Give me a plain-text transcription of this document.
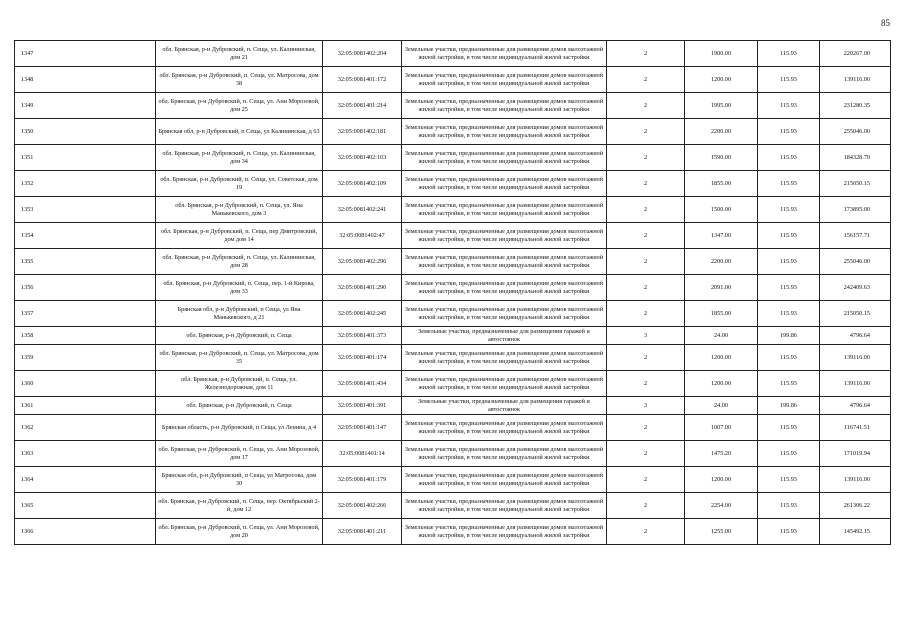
85
1347	обл. Брянская, р-н Дубровский, п. Сеща, ул. Калининская, дом 21	32:05:0081402:204	Земельные участки, предназначенные для размещения домов малоэтажной жилой застройки, в том числе индивидуальной жилой застройки	2	1900.00	115.93	220267.00
1348	обл. Брянская, р-н Дубровский, п. Сеща, ул. Матросова, дом 38	32:05:0081401:172	Земельные участки, предназначенные для размещения домов малоэтажной жилой застройки, в том числе индивидуальной жилой застройки	2	1200.00	115.93	139116.00
1349	обл. Брянская, р-н Дубровский, п. Сеща, ул. Ани Морозовой, дом 25	32:05:0081401:214	Земельные участки, предназначенные для размещения домов малоэтажной жилой застройки, в том числе индивидуальной жилой застройки	2	1995.00	115.93	231280.35
1350	Брянская обл, р-н Дубровский, п Сеща, ул Калининская, д 63	32:05:0081402:181	Земельные участки, предназначенные для размещения домов малоэтажной жилой застройки, в том числе индивидуальной жилой застройки	2	2200.00	115.93	255046.00
1351	обл. Брянская, р-н Дубровский, п. Сеща, ул. Калининская, дом 34	32:05:0081402:103	Земельные участки, предназначенные для размещения домов малоэтажной жилой застройки, в том числе индивидуальной жилой застройки	2	1590.00	115.93	184328.70
1352	обл. Брянская, р-н Дубровский, п. Сеща, ул. Советская, дом 19	32:05:0081402:109	Земельные участки, предназначенные для размещения домов малоэтажной жилой застройки, в том числе индивидуальной жилой застройки	2	1855.00	115.93	215050.15
1353	обл. Брянская, р-н Дубровский, п. Сеща, ул. Яна Манькевского, дом 3	32:05:0081402:241	Земельные участки, предназначенные для размещения домов малоэтажной жилой застройки, в том числе индивидуальной жилой застройки	2	1500.00	115.93	173895.00
1354	обл. Брянская, р-н Дубровский, п. Сеща, пер Дмитровский, дом дом 14	32:05:0081402:47	Земельные участки, предназначенные для размещения домов малоэтажной жилой застройки, в том числе индивидуальной жилой застройки	2	1347.00	115.93	156157.71
1355	обл. Брянская, р-н Дубровский, п. Сеща, ул. Калининская, дом 28	32:05:0081402:296	Земельные участки, предназначенные для размещения домов малоэтажной жилой застройки, в том числе индивидуальной жилой застройки	2	2200.00	115.93	255046.00
1356	обл. Брянская, р-н Дубровский, п. Сеща, пер. 1-й Кирова, дом 33	32:05:0081401:290	Земельные участки, предназначенные для размещения домов малоэтажной жилой застройки, в том числе индивидуальной жилой застройки	2	2091.00	115.93	242409.63
1357	Брянская обл, р-н Дубровский, п Сеща, ул Яна Манькевского, д 21	32:05:0081402:245	Земельные участки, предназначенные для размещения домов малоэтажной жилой застройки, в том числе индивидуальной жилой застройки	2	1855.00	115.93	215050.15
1358	обл. Брянская, р-н Дубровский, п. Сеща	32:05:0081401:373	Земельные участки, предназначенные для размещения гаражей и автостоянок	3	24.00	199.86	4796.64
1359	обл. Брянская, р-н Дубровский, п. Сеща, ул. Матросова, дом 35	32:05:0081401:174	Земельные участки, предназначенные для размещения домов малоэтажной жилой застройки, в том числе индивидуальной жилой застройки	2	1200.00	115.93	139116.00
1360	обл. Брянская, р-н Дубровский, п. Сеща, ул. Железнодорожная, дом 11	32:05:0081401:434	Земельные участки, предназначенные для размещения домов малоэтажной жилой застройки, в том числе индивидуальной жилой застройки	2	1200.00	115.93	139116.00
1361	обл. Брянская, р-н Дубровский, п. Сеща	32:05:0081401:391	Земельные участки, предназначенные для размещения гаражей и автостоянок	3	24.00	199.86	4796.64
1362	Брянская область, р-н Дубровский, п Сеща, ул Ленина, д 4	32:05:0081401:147	Земельные участки, предназначенные для размещения домов малоэтажной жилой застройки, в том числе индивидуальной жилой застройки	2	1007.00	115.93	116741.51
1363	обл. Брянская, р-н Дубровский, п. Сеща, ул. Ани Морозовой, дом 17	32:05:0081401:14	Земельные участки, предназначенные для размещения домов малоэтажной жилой застройки, в том числе индивидуальной жилой застройки	2	1475.20	115.93	171019.94
1364	Брянская обл, р-н Дубровский, п Сеща, ул Матросова, дом 30	32:05:0081401:179	Земельные участки, предназначенные для размещения домов малоэтажной жилой застройки, в том числе индивидуальной жилой застройки	2	1200.00	115.93	139116.00
1365	обл. Брянская, р-н Дубровский, п. Сеща, пер. Октябрьский 2-й, дом 12	32:05:0081402:266	Земельные участки, предназначенные для размещения домов малоэтажной жилой застройки, в том числе индивидуальной жилой застройки	2	2254.00	115.93	261306.22
1366	обл. Брянская, р-н Дубровский, п. Сеща, ул. Ани Морозовой, дом 20	32:05:0081401:211	Земельные участки, предназначенные для размещения домов малоэтажной жилой застройки, в том числе индивидуальной жилой застройки	2	1255.00	115.93	145492.15
